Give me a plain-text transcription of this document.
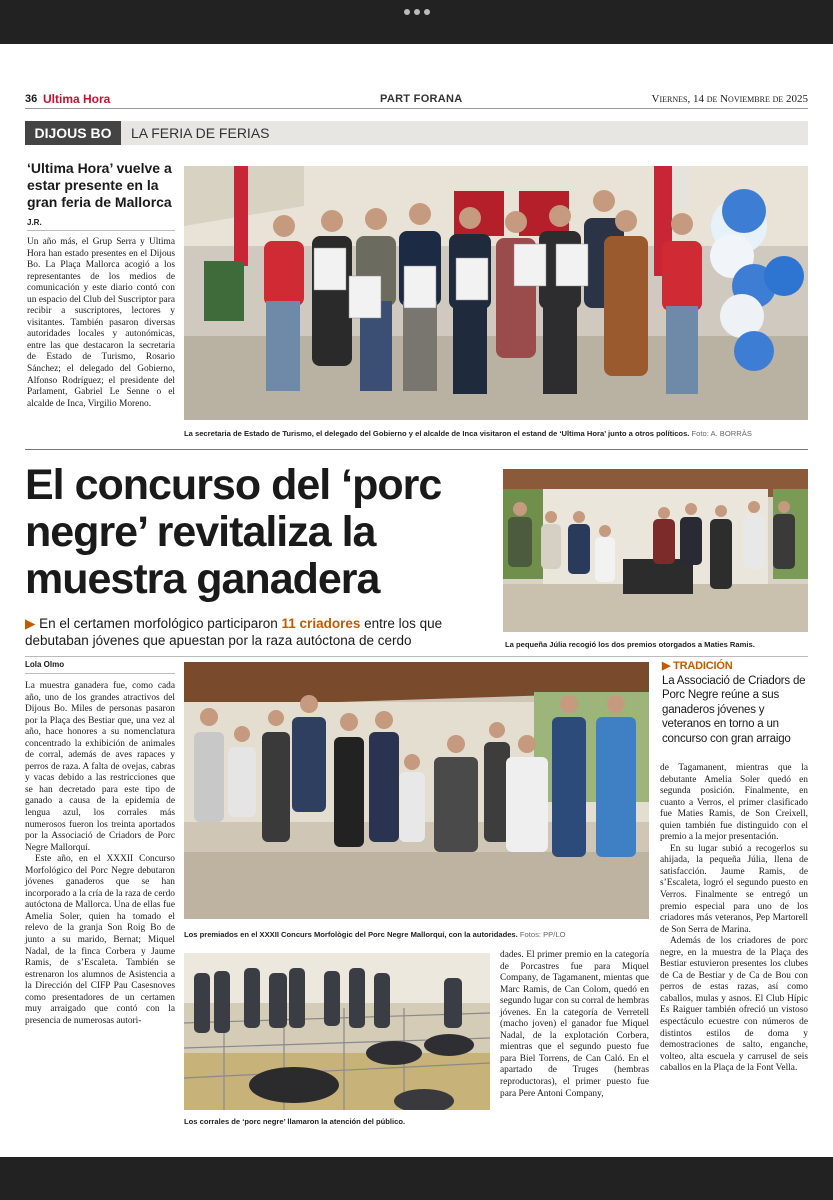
36 Ultima Hora	PART FORANA	Viernes, 14 de Noviembre de 2025
DIJOUS BO	LA FERIA DE FERIAS
‘Ultima Hora’ vuelve a estar presente en la gran feria de Mallorca
J.R.

Un año más, el Grup Serra y Ultima Hora han estado presentes en el Dijous Bo. La Plaça Mallorca acogió a los representantes de los medios de comunicación y este diario contó con un espacio del Club del Suscriptor para recibir a suscriptores, lectores y visitantes. También pasaron diversas autoridades locales y autonómicas, entre las que destacaron la secretaria de Estado de Turismo, Rosario Sánchez; el delegado del Gobierno, Alfonso Rodríguez; el presidente del Parlament, Gabriel Le Senne o el alcalde de Inca, Virgilio Moreno.

La secretaria de Estado de Turismo, el delegado del Gobierno y el alcalde de Inca visitaron el estand de ‘Ultima Hora’ junto a otros políticos. Foto: A. BORRÀS
El concurso del ‘porc negre’ revitaliza la muestra ganadera
▶ En el certamen morfológico participaron 11 criadores entre los que debutaban jóvenes que apuestan por la raza autóctona de cerdo	La pequeña Júlia recogió los dos premios otorgados a Maties Ramis.
Lola Olmo

La muestra ganadera fue, como cada año, uno de los grandes atractivos del Dijous Bo. Miles de personas pasaron por la Plaça des Bestiar que, una vez al año, hace honores a su nomenclatura concentrado la exhibición de animales de corral, además de aves rapaces y perros de raza. A falta de ovejas, cabras y vacas debido a las restricciones que se han decretado para este tipo de ganado a causa de la epidemia de lengua azul, los corrales más numerosos fueron los treinta aportados por la Associació de Criadors de Porc Negre Mallorquí.

Este año, en el XXXII Concurso Morfológico del Porc Negre debutaron jóvenes ganaderos que se han incorporado a la cría de la raza de cerdo autóctona de Mallorca. Una de ellas fue Amelia Soler, quien ha tomado el relevo de la granja Son Roig Bo de junto a su marido, Bernat; Miquel Nadal, de la finca Corbera y Jaume Ramis, de s’Escaleta. También se estrenaron los alumnos de Asistencia a la Dirección del CIFP Pau Casesnoves como presentadores de un certamen muy arraigado que contó con la presencia de numerosas autori-

Los premiados en el XXXII Concurs Morfològic del Porc Negre Mallorquí, con la autoridades. Fotos: PP/LO
Los corrales de ‘porc negre’ llamaron la atención del público.

dades. El primer premio en la categoría de Porcastres fue para Miquel Company, de Tagamanent, mientas que Marc Ramis, de Can Colom, quedó en segundo lugar con su corral de hembras jóvenes. En la categoría de Verretell (macho joven) el ganador fue Miquel Nadal, de la explotación Corbera, mientras que el segundo puesto fue para Biel Torrens, de Can Caló. En el apartado de Truges (hembras reproductoras), el primer puesto fue para Pere Antoni Company,

▶ TRADICIÓN
La Associació de Criadors de Porc Negre reúne a sus ganaderos jóvenes y veteranos en torno a un concurso con gran arraigo

de Tagamanent, mientras que la debutante Amelia Soler quedó en segunda posición. Finalmente, en cuanto a Verros, el primer clasificado fue Maties Ramis, de Son Creixell, quien también fue distinguido con el premio a la mejor presentación.

En su lugar subió a recogerlos su ahijada, la pequeña Júlia, llena de satisfacción. Jaume Ramis, de s’Escaleta, logró el segundo puesto en Verros. Finalmente se entregó un premio especial para uno de los criadores más veteranos, Pep Martorell de Son Serra de Marina.

Además de los criadores de porc negre, en la muestra de la Plaça des Bestiar estuvieron presentes los clubes de Ca de Bestiar y de Ca de Bou con perros de estas razas, así como caballos, mulas y asnos. El Club Hípic Es Raiguer también ofreció un vistoso espectáculo ecuestre con números de distintos estilos de doma y demostraciones de salto, enganche, volteo, alta escuela y carrusel de seis caballos en la Plaça de la Font Vella.
